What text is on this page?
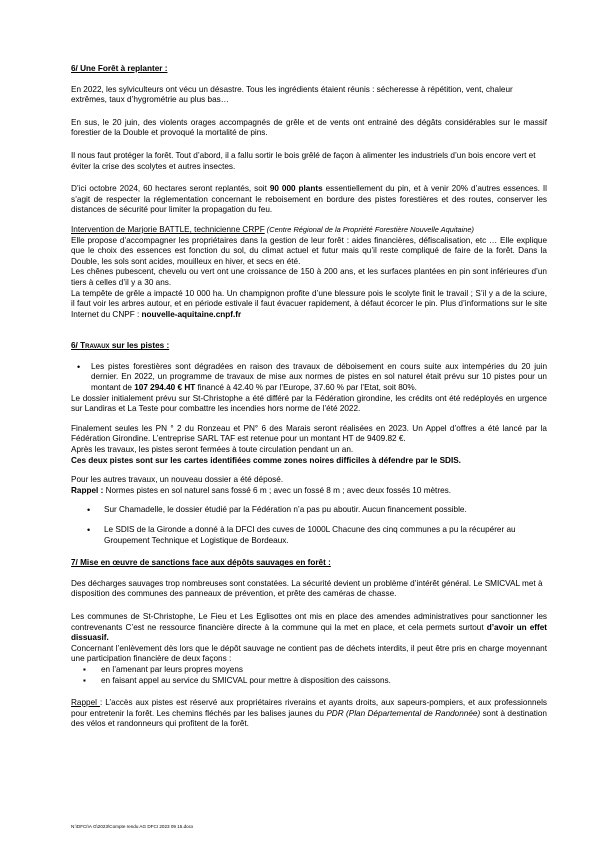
6/ Une Forêt à replanter :

En 2022, les sylviculteurs ont vécu un désastre. Tous les ingrédients étaient réunis : sécheresse à répétition, vent, chaleur extrêmes, taux d’hygrométrie au plus bas…

En sus, le 20 juin, des violents orages accompagnés de grêle et de vents ont entrainé des dégâts considérables sur le massif forestier de la Double et provoqué la mortalité de pins.

Il nous faut protéger la forêt. Tout d’abord, il a fallu sortir le bois grêlé de façon à alimenter les industriels d’un bois encore vert et éviter la crise des scolytes et autres insectes.

D’ici octobre 2024, 60 hectares seront replantés, soit 90 000 plants essentiellement du pin, et à venir 20% d’autres essences. Il s’agit de respecter la réglementation concernant le reboisement en bordure des pistes forestières et des routes, conserver les distances de sécurité pour limiter la propagation du feu.

Intervention de Marjorie BATTLE, technicienne CRPF (Centre Régional de la Propriété Forestière Nouvelle Aquitaine)

Elle propose d’accompagner les propriétaires dans la gestion de leur forêt : aides financières, défiscalisation, etc … Elle explique que le choix des essences est fonction du sol, du climat actuel et futur mais qu’il reste compliqué de faire de la forêt. Dans la Double, les sols sont acides, mouilleux en hiver, et secs en été.

Les chênes pubescent, chevelu ou vert ont une croissance de 150 à 200 ans, et les surfaces plantées en pin sont inférieures d’un tiers à celles d’il y a 30 ans.

La tempête de grêle a impacté 10 000 ha. Un champignon profite d’une blessure pois le scolyte finit le travail ; S’il y a de la sciure, il faut voir les arbres autour, et en période estivale il faut évacuer rapidement, à défaut écorcer le pin. Plus d’informations sur le site Internet du CNPF : nouvelle-aquitaine.cnpf.fr

6/ Travaux sur les pistes :

• Les pistes forestières sont dégradées en raison des travaux de déboisement en cours suite aux intempéries du 20 juin dernier. En 2022, un programme de travaux de mise aux normes de pistes en sol naturel était prévu sur 10 pistes pour un montant de 107 294.40 € HT financé à 42.40 % par l’Europe, 37.60 % par l’Etat, soit 80%.

Le dossier initialement prévu sur St-Christophe a été différé par la Fédération girondine, les crédits ont été redéployés en urgence sur Landiras et La Teste pour combattre les incendies hors norme de l’été 2022.

Finalement seules les PN ° 2 du Ronzeau et PN° 6 des Marais seront réalisées en 2023. Un Appel d’offres a été lancé par la Fédération Girondine. L’entreprise SARL TAF est retenue pour un montant HT de 9409.82 €.

Après les travaux, les pistes seront fermées à toute circulation pendant un an.

Ces deux pistes sont sur les cartes identifiées comme zones noires difficiles à défendre par le SDIS.

Pour les autres travaux, un nouveau dossier a été déposé.

Rappel : Normes pistes en sol naturel sans fossé 6 m ; avec un fossé 8 m ; avec deux fossés 10 mètres.

• Sur Chamadelle, le dossier étudié par la Fédération n’a pas pu aboutir. Aucun financement possible.

• Le SDIS de la Gironde a donné à la DFCI des cuves de 1000L Chacune des cinq communes a pu la récupérer au Groupement Technique et Logistique de Bordeaux.

7/ Mise en œuvre de sanctions face aux dépôts sauvages en forêt :

Des décharges sauvages trop nombreuses sont constatées. La sécurité devient un problème d’intérêt général. Le SMICVAL met à disposition des communes des panneaux de prévention, et prête des caméras de chasse.

Les communes de St-Christophe, Le Fieu et Les Eglisottes ont mis en place des amendes administratives pour sanctionner les contrevenants C’est ne ressource financière directe à la commune qui la met en place, et cela permets surtout d’avoir un effet dissuasif.

Concernant l’enlèvement dès lors que le dépôt sauvage ne contient pas de déchets interdits, il peut être pris en charge moyennant une participation financière de deux façons :

▪ en l’amenant par leurs propres moyens

▪ en faisant appel au service du SMICVAL pour mettre à disposition des caissons.

Rappel : L’accès aux pistes est réservé aux propriétaires riverains et ayants droits, aux sapeurs-pompiers, et aux professionnels pour entretenir la forêt. Les chemins fléchés par les balises jaunes du PDR (Plan Départemental de Randonnée) sont à destination des vélos et randonneurs qui profitent de la forêt.

N:\DFCI\A G\2023\Compte rendu AG DFCI 2023 09 15.docx
